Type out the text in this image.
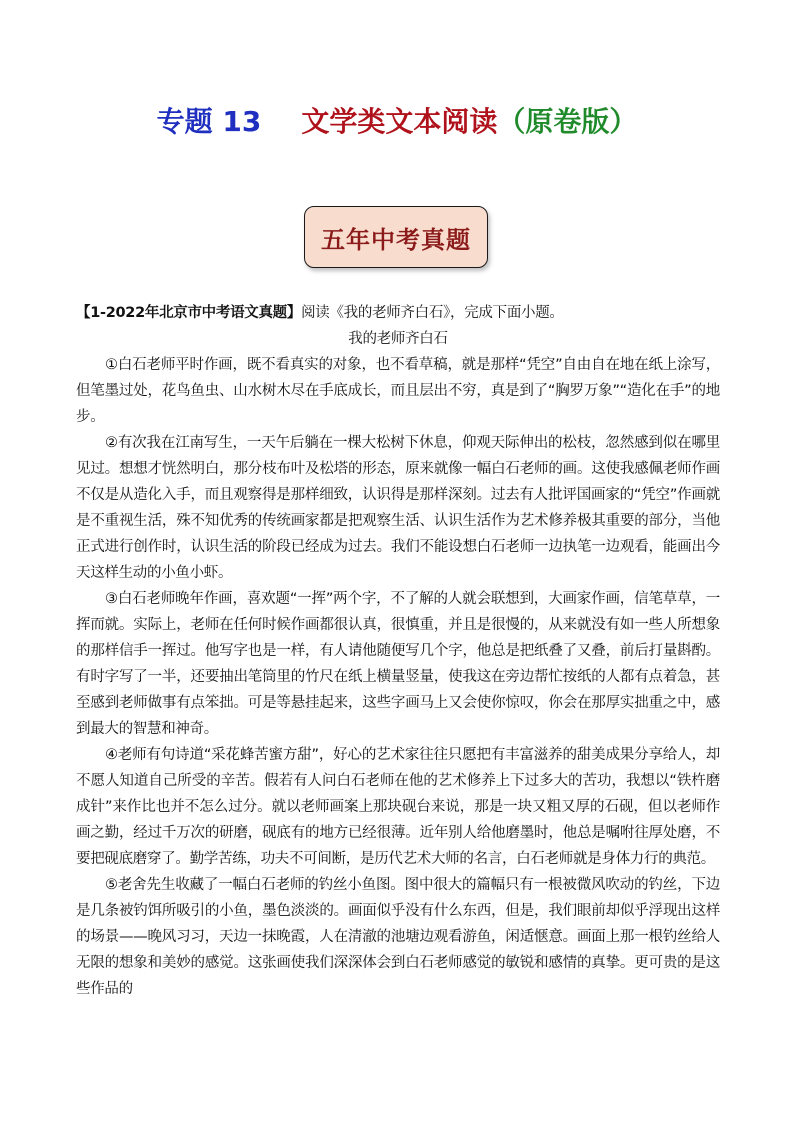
专题 13 文学类文本阅读（原卷版）
五年中考真题

【1-2022年北京市中考语文真题】阅读《我的老师齐白石》，完成下面小题。

我的老师齐白石

①白石老师平时作画，既不看真实的对象，也不看草稿，就是那样“凭空”自由自在地在纸上涂写，但笔墨过处，花鸟鱼虫、山水树木尽在手底成长，而且层出不穷，真是到了“胸罗万象”“造化在手”的地步。

②有次我在江南写生，一天午后躺在一棵大松树下休息，仰观天际伸出的松枝，忽然感到似在哪里见过。想想才恍然明白，那分枝布叶及松塔的形态，原来就像一幅白石老师的画。这使我感佩老师作画不仅是从造化入手，而且观察得是那样细致，认识得是那样深刻。过去有人批评国画家的“凭空”作画就是不重视生活，殊不知优秀的传统画家都是把观察生活、认识生活作为艺术修养极其重要的部分，当他正式进行创作时，认识生活的阶段已经成为过去。我们不能设想白石老师一边执笔一边观看，能画出今天这样生动的小鱼小虾。

③白石老师晚年作画，喜欢题“一挥”两个字，不了解的人就会联想到，大画家作画，信笔草草，一挥而就。实际上，老师在任何时候作画都很认真，很慎重，并且是很慢的，从来就没有如一些人所想象的那样信手一挥过。他写字也是一样，有人请他随便写几个字，他总是把纸叠了又叠，前后打量斟酌。有时字写了一半，还要抽出笔筒里的竹尺在纸上横量竖量，使我这在旁边帮忙按纸的人都有点着急，甚至感到老师做事有点笨拙。可是等悬挂起来，这些字画马上又会使你惊叹，你会在那厚实拙重之中，感到最大的智慧和神奇。

④老师有句诗道“采花蜂苦蜜方甜”，好心的艺术家往往只愿把有丰富滋养的甜美成果分享给人，却不愿人知道自己所受的辛苦。假若有人问白石老师在他的艺术修养上下过多大的苦功，我想以“铁杵磨成针”来作比也并不怎么过分。就以老师画案上那块砚台来说，那是一块又粗又厚的石砚，但以老师作画之勤，经过千万次的研磨，砚底有的地方已经很薄。近年别人给他磨墨时，他总是嘱咐往厚处磨，不要把砚底磨穿了。勤学苦练，功夫不可间断，是历代艺术大师的名言，白石老师就是身体力行的典范。

⑤老舍先生收藏了一幅白石老师的钓丝小鱼图。图中很大的篇幅只有一根被微风吹动的钓丝，下边是几条被钓饵所吸引的小鱼，墨色淡淡的。画面似乎没有什么东西，但是，我们眼前却似乎浮现出这样的场景——晚风习习，天边一抹晚霞，人在清澈的池塘边观看游鱼，闲适惬意。画面上那一根钓丝给人无限的想象和美妙的感觉。这张画使我们深深体会到白石老师感觉的敏锐和感情的真挚。更可贵的是这些作品的
